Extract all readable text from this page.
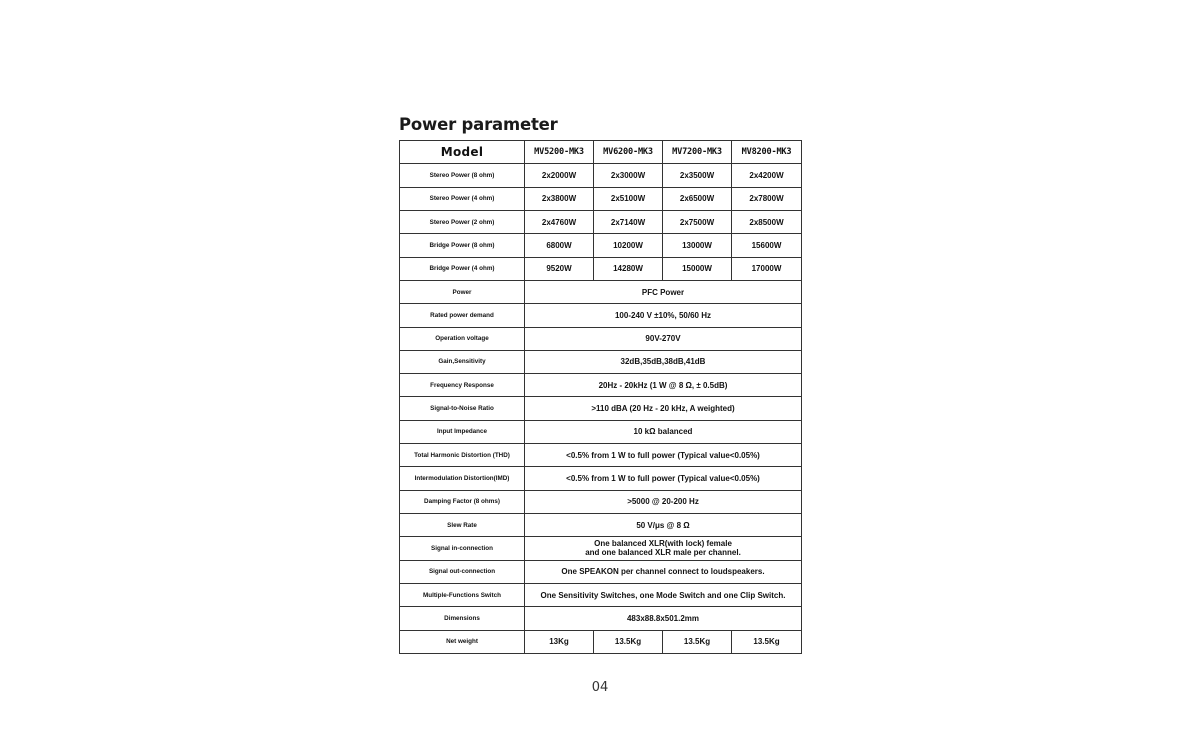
Power parameter
Model	MV5200-MK3	MV6200-MK3	MV7200-MK3	MV8200-MK3
Stereo Power (8 ohm)	2x2000W	2x3000W	2x3500W	2x4200W
Stereo Power (4 ohm)	2x3800W	2x5100W	2x6500W	2x7800W
Stereo Power (2 ohm)	2x4760W	2x7140W	2x7500W	2x8500W
Bridge Power (8 ohm)	6800W	10200W	13000W	15600W
Bridge Power (4 ohm)	9520W	14280W	15000W	17000W
Power	PFC Power			
Rated power demand	100-240 V ±10%, 50/60 Hz			
Operation voltage	90V-270V			
Gain,Sensitivity	32dB,35dB,38dB,41dB			
Frequency Response	20Hz - 20kHz (1 W @ 8 Ω, ± 0.5dB)			
Signal-to-Noise Ratio	>110 dBA (20 Hz - 20 kHz, A weighted)			
Input Impedance	10 kΩ balanced			
Total Harmonic Distortion (THD)	<0.5% from 1 W to full power (Typical value<0.05%)			
Intermodulation Distortion(IMD)	<0.5% from 1 W to full power (Typical value<0.05%)			
Damping Factor (8 ohms)	>5000 @ 20-200 Hz			
Slew Rate	50 V/μs @ 8 Ω			
Signal in-connection	One balanced XLR(with lock) female
and one balanced XLR male per channel.			

Signal out-connection	One SPEAKON per channel connect to loudspeakers.			
Multiple-Functions Switch	One Sensitivity Switches, one Mode Switch and one Clip Switch.			
Dimensions	483x88.8x501.2mm			
Net weight	13Kg	13.5Kg	13.5Kg	13.5Kg
04
